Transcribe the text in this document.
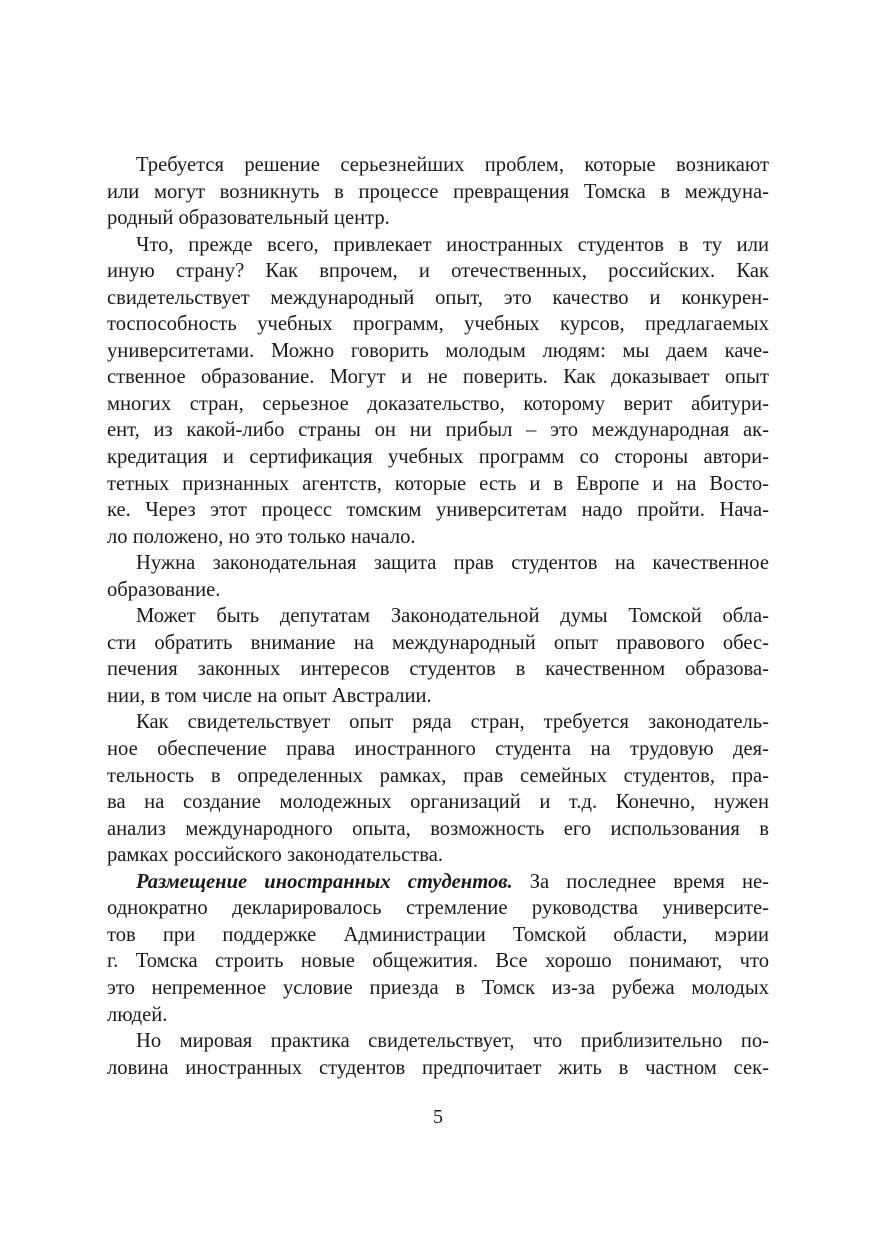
Требуется решение серьезнейших проблем, которые возникают
или могут возникнуть в процессе превращения Томска в междуна-
родный образовательный центр.
Что, прежде всего, привлекает иностранных студентов в ту или
иную страну? Как впрочем, и отечественных, российских. Как
свидетельствует международный опыт, это качество и конкурен-
тоспособность учебных программ, учебных курсов, предлагаемых
университетами. Можно говорить молодым людям: мы даем каче-
ственное образование. Могут и не поверить. Как доказывает опыт
многих стран, серьезное доказательство, которому верит абитури-
ент, из какой-либо страны он ни прибыл – это международная ак-
кредитация и сертификация учебных программ со стороны автори-
тетных признанных агентств, которые есть и в Европе и на Восто-
ке. Через этот процесс томским университетам надо пройти. Нача-
ло положено, но это только начало.
Нужна законодательная защита прав студентов на качественное
образование.
Может быть депутатам Законодательной думы Томской обла-
сти обратить внимание на международный опыт правового обес-
печения законных интересов студентов в качественном образова-
нии, в том числе на опыт Австралии.
Как свидетельствует опыт ряда стран, требуется законодатель-
ное обеспечение права иностранного студента на трудовую дея-
тельность в определенных рамках, прав семейных студентов, пра-
ва на создание молодежных организаций и т.д. Конечно, нужен
анализ международного опыта, возможность его использования в
рамках российского законодательства.
Размещение иностранных студентов. За последнее время не-
однократно декларировалось стремление руководства университе-
тов при поддержке Администрации Томской области, мэрии
г. Томска строить новые общежития. Все хорошо понимают, что
это непременное условие приезда в Томск из-за рубежа молодых
людей.
Но мировая практика свидетельствует, что приблизительно по-
ловина иностранных студентов предпочитает жить в частном сек-
5
